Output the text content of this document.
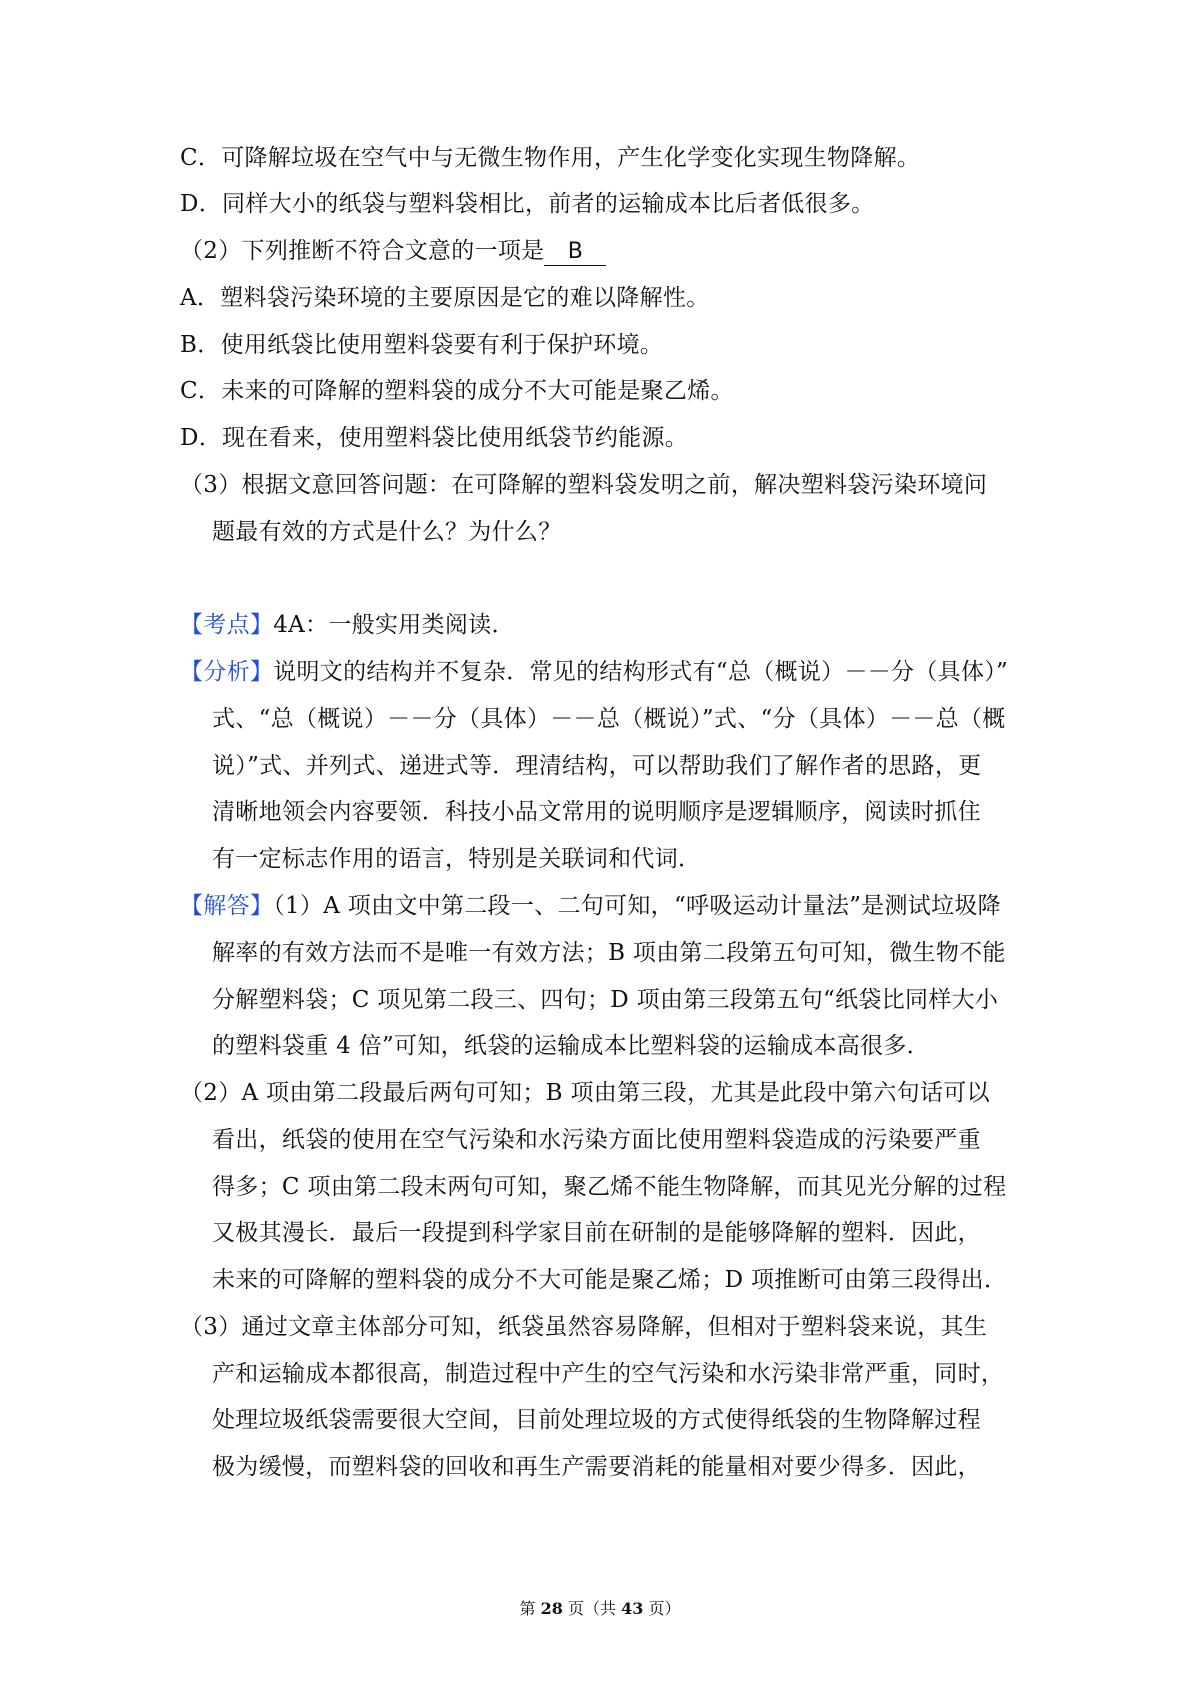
C．可降解垃圾在空气中与无微生物作用，产生化学变化实现生物降解。
D．同样大小的纸袋与塑料袋相比，前者的运输成本比后者低很多。
（2）下列推断不符合文意的一项是 B
A．塑料袋污染环境的主要原因是它的难以降解性。
B．使用纸袋比使用塑料袋要有利于保护环境。
C．未来的可降解的塑料袋的成分不大可能是聚乙烯。
D．现在看来，使用塑料袋比使用纸袋节约能源。
（3）根据文意回答问题：在可降解的塑料袋发明之前，解决塑料袋污染环境问
题最有效的方式是什么？为什么？
【考点】4A：一般实用类阅读．
【分析】说明文的结构并不复杂．常见的结构形式有“总（概说）－－分（具体）”
式、“总（概说）－－分（具体）－－总（概说）”式、“分（具体）－－总（概
说）”式、并列式、递进式等．理清结构，可以帮助我们了解作者的思路，更
清晰地领会内容要领．科技小品文常用的说明顺序是逻辑顺序，阅读时抓住
有一定标志作用的语言，特别是关联词和代词．
【解答】（1）A 项由文中第二段一、二句可知，“呼吸运动计量法”是测试垃圾降
解率的有效方法而不是唯一有效方法；B 项由第二段第五句可知，微生物不能
分解塑料袋；C 项见第二段三、四句；D 项由第三段第五句“纸袋比同样大小
的塑料袋重 4 倍”可知，纸袋的运输成本比塑料袋的运输成本高很多．
（2）A 项由第二段最后两句可知；B 项由第三段，尤其是此段中第六句话可以
看出，纸袋的使用在空气污染和水污染方面比使用塑料袋造成的污染要严重
得多；C 项由第二段末两句可知，聚乙烯不能生物降解，而其见光分解的过程
又极其漫长．最后一段提到科学家目前在研制的是能够降解的塑料．因此，
未来的可降解的塑料袋的成分不大可能是聚乙烯；D 项推断可由第三段得出．
（3）通过文章主体部分可知，纸袋虽然容易降解，但相对于塑料袋来说，其生
产和运输成本都很高，制造过程中产生的空气污染和水污染非常严重，同时，
处理垃圾纸袋需要很大空间，目前处理垃圾的方式使得纸袋的生物降解过程
极为缓慢，而塑料袋的回收和再生产需要消耗的能量相对要少得多．因此，
第 28 页（共 43 页）
